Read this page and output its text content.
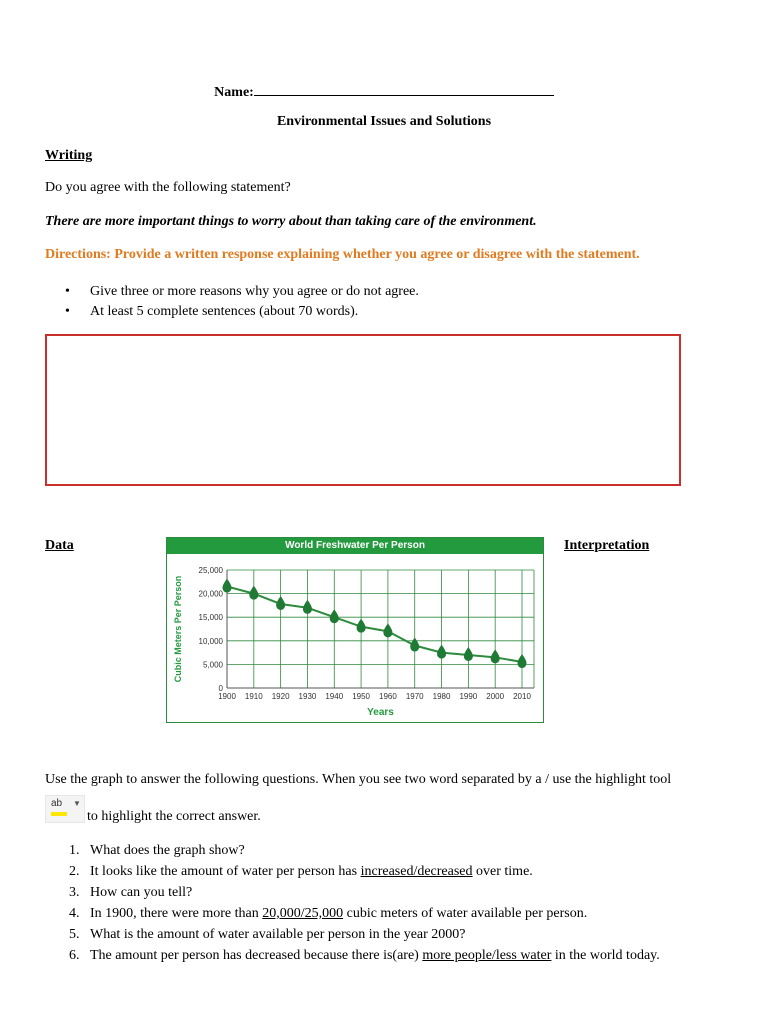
Name:
Environmental Issues and Solutions
Writing
Do you agree with the following statement?
There are more important things to worry about than taking care of the environment.
Directions: Provide a written response explaining whether you agree or disagree with the statement.
• Give three or more reasons why you agree or do not agree.
• At least 5 complete sentences (about 70 words).
Data	Interpretation
World Freshwater Per Person
0
5,000
10,000
15,000
20,000
25,000
1900 1910 1920 1930 1940 1950 1960 1970 1980 1990 2000 2010
Cubic Meters Per Person
Years
Use the graph to answer the following questions. When you see two word separated by a / use the highlight tool
ab ▼
to highlight the correct answer.
1. What does the graph show?
2. It looks like the amount of water per person has increased/decreased over time.
3. How can you tell?
4. In 1900, there were more than 20,000/25,000 cubic meters of water available per person.
5. What is the amount of water available per person in the year 2000?
6. The amount per person has decreased because there is(are) more people/less water in the world today.
